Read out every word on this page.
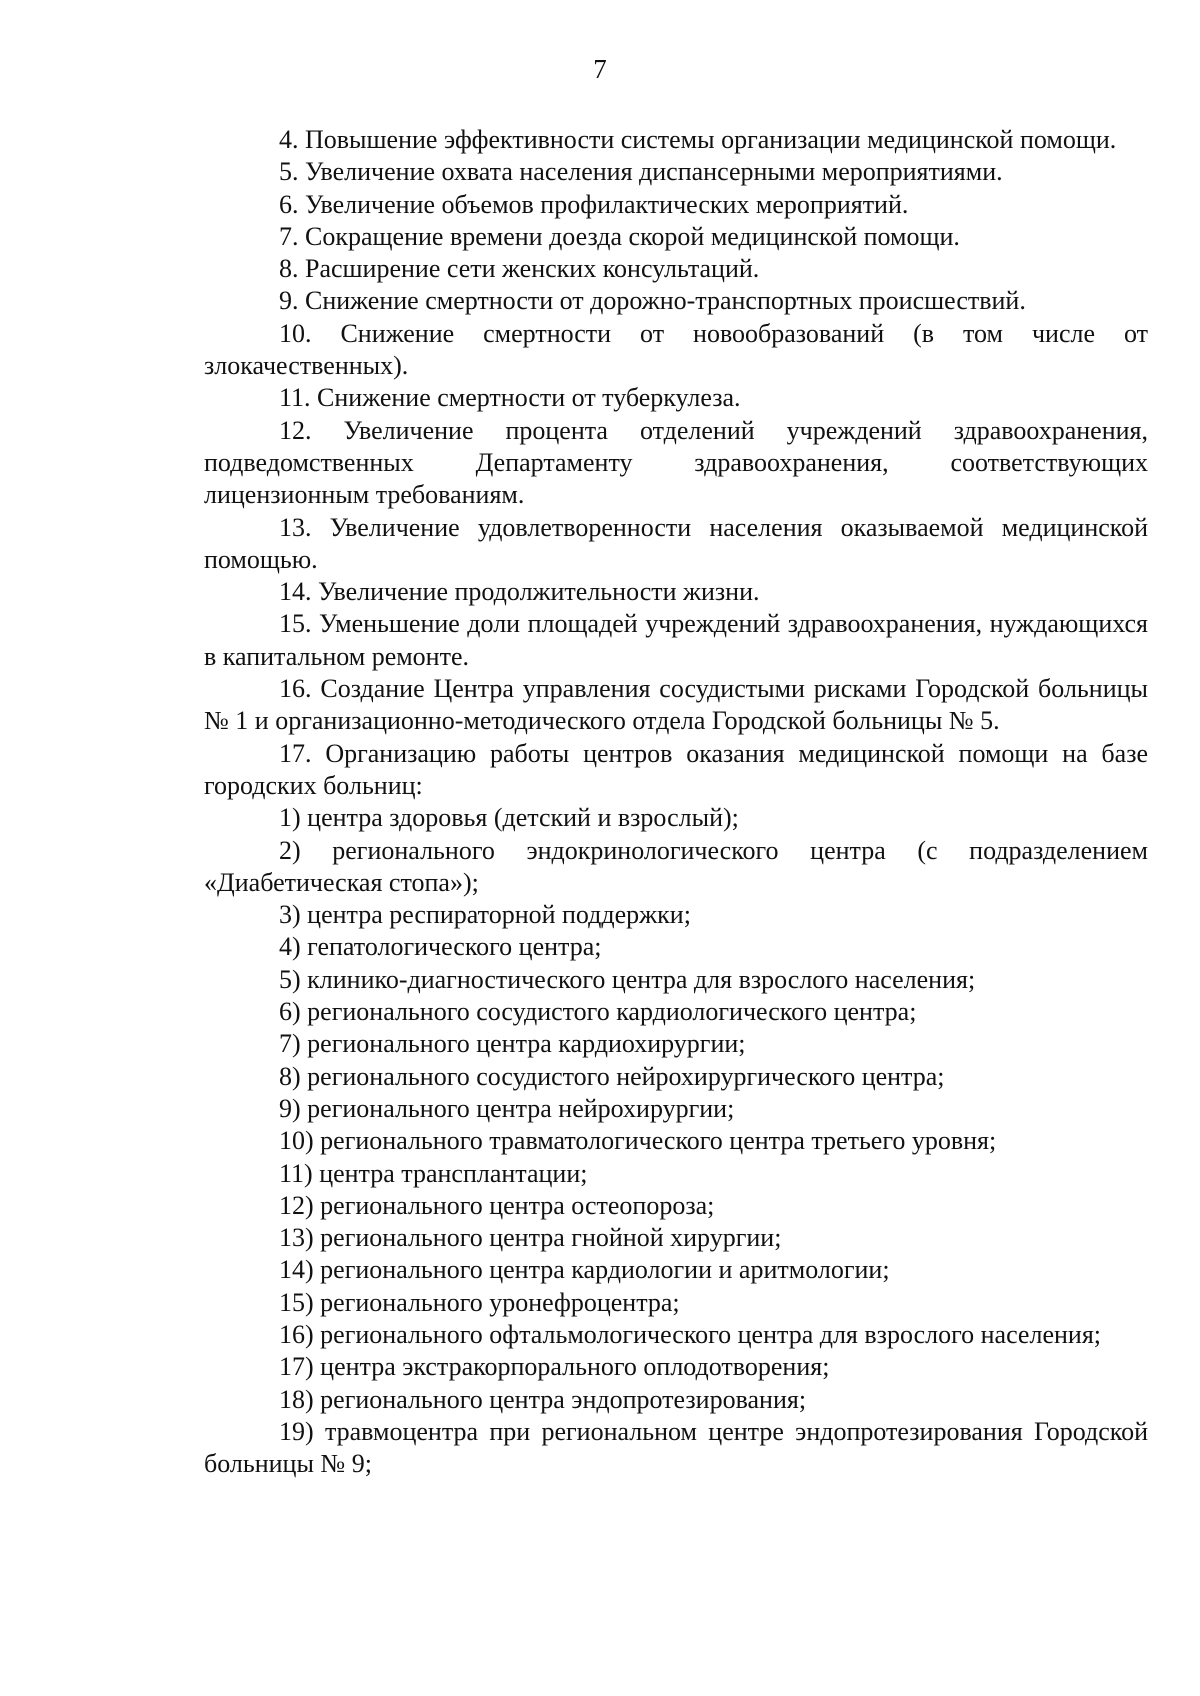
7

4. Повышение эффективности системы организации медицинской помощи.

5. Увеличение охвата населения диспансерными мероприятиями.

6. Увеличение объемов профилактических мероприятий.

7. Сокращение времени доезда скорой медицинской помощи.

8. Расширение сети женских консультаций.

9. Снижение смертности от дорожно-транспортных происшествий.

10. Снижение смертности от новообразований (в том числе от злокачественных).

11. Снижение смертности от туберкулеза.

12. Увеличение процента отделений учреждений здравоохранения, подведомственных Департаменту здравоохранения, соответствующих лицензионным требованиям.

13. Увеличение удовлетворенности населения оказываемой медицинской помощью.

14. Увеличение продолжительности жизни.

15. Уменьшение доли площадей учреждений здравоохранения, нуждающихся в капитальном ремонте.

16. Создание Центра управления сосудистыми рисками Городской больницы № 1 и организационно-методического отдела Городской больницы № 5.

17. Организацию работы центров оказания медицинской помощи на базе городских больниц:

1) центра здоровья (детский и взрослый);

2) регионального эндокринологического центра (с подразделением «Диабетическая стопа»);

3) центра респираторной поддержки;

4) гепатологического центра;

5) клинико-диагностического центра для взрослого населения;

6) регионального сосудистого кардиологического центра;

7) регионального центра кардиохирургии;

8) регионального сосудистого нейрохирургического центра;

9) регионального центра нейрохирургии;

10) регионального травматологического центра третьего уровня;

11) центра трансплантации;

12) регионального центра остеопороза;

13) регионального центра гнойной хирургии;

14) регионального центра кардиологии и аритмологии;

15) регионального уронефроцентра;

16) регионального офтальмологического центра для взрослого населения;

17) центра экстракорпорального оплодотворения;

18) регионального центра эндопротезирования;

19) травмоцентра при региональном центре эндопротезирования Городской больницы № 9;
